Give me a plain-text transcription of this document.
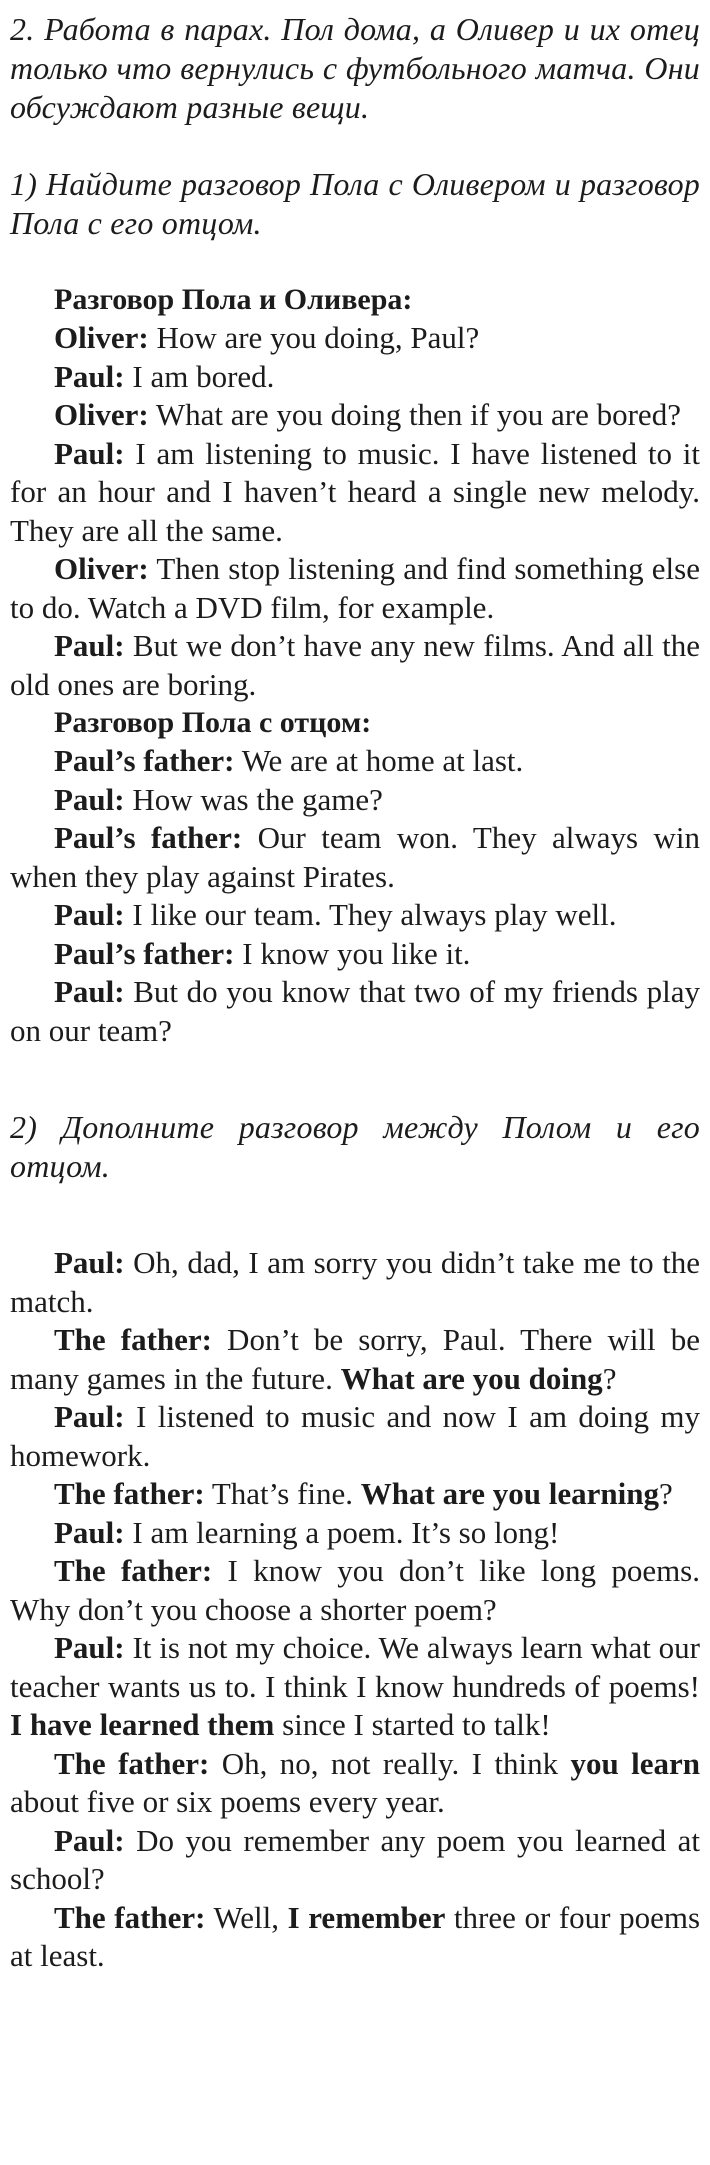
2. Работа в парах. Пол дома, а Оливер и их отец только что вернулись с футбольного матча. Они обсуждают разные вещи.

1) Найдите разговор Пола с Оливером и разговор Пола с его отцом.

Разговор Пола и Оливера:

Oliver: How are you doing, Paul?

Paul: I am bored.

Oliver: What are you doing then if you are bored?

Paul: I am listening to music. I have listened to it for an hour and I haven’t heard a single new melody. They are all the same.

Oliver: Then stop listening and find something else to do. Watch a DVD film, for example.

Paul: But we don’t have any new films. And all the old ones are boring.

Разговор Пола с отцом:

Paul’s father: We are at home at last.

Paul: How was the game?

Paul’s father: Our team won. They always win when they play against Pirates.

Paul: I like our team. They always play well.

Paul’s father: I know you like it.

Paul: But do you know that two of my friends play on our team?

2) Дополните разговор между Полом и его отцом.

Paul: Oh, dad, I am sorry you didn’t take me to the match.

The father: Don’t be sorry, Paul. There will be many games in the future. What are you doing?

Paul: I listened to music and now I am doing my homework.

The father: That’s fine. What are you learning?

Paul: I am learning a poem. It’s so long!

The father: I know you don’t like long poems. Why don’t you choose a shorter poem?

Paul: It is not my choice. We always learn what our teacher wants us to. I think I know hundreds of poems! I have learned them since I started to talk!

The father: Oh, no, not really. I think you learn about five or six poems every year.

Paul: Do you remember any poem you learned at school?

The father: Well, I remember three or four poems at least.
